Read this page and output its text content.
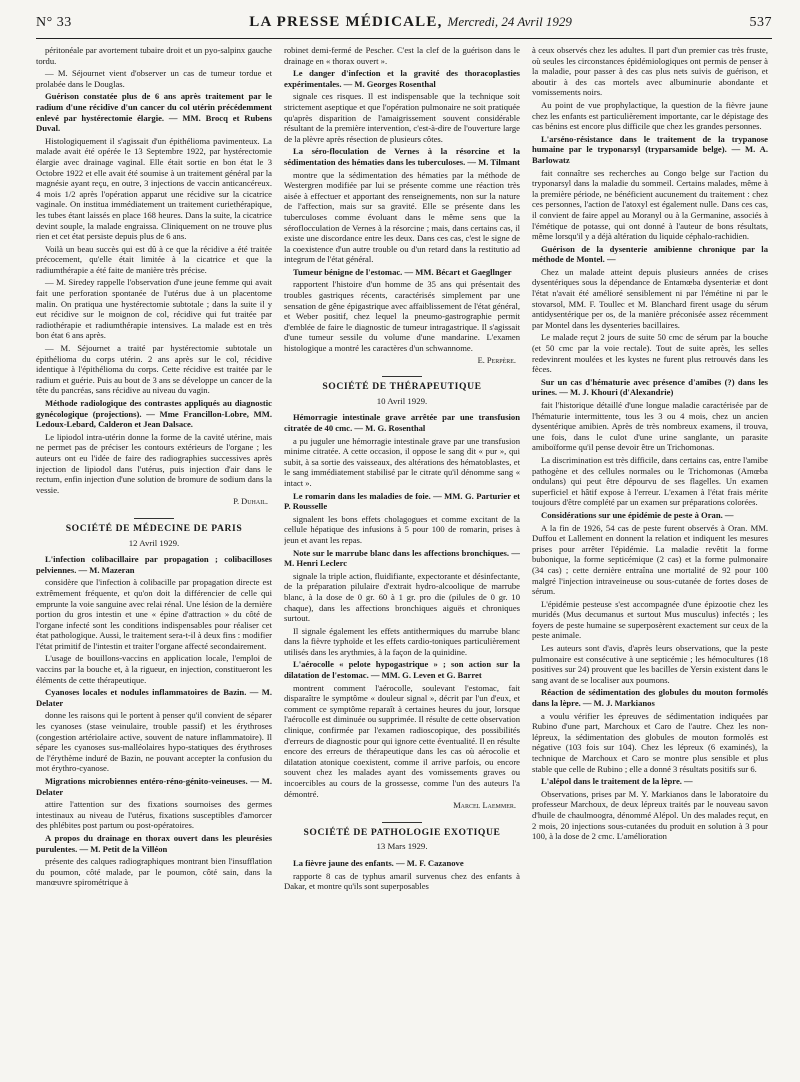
N° 33	LA PRESSE MÉDICALE, Mercredi, 24 Avril 1929	537

péritonéale par avortement tubaire droit et un pyo-salpinx gauche tordu.

— M. Séjournet vient d'observer un cas de tumeur tordue et prolabée dans le Douglas.

Guérison constatée plus de 6 ans après traitement par le radium d'une récidive d'un cancer du col utérin précédemment enlevé par hystérectomie élargie. — MM. Brocq et Rubens Duval.

Histologiquement il s'agissait d'un épithélioma pavimenteux. La malade avait été opérée le 13 Septembre 1922, par hystérectomie élargie avec drainage vaginal. Elle était sortie en bon état le 3 Octobre 1922 et elle avait été soumise à un traitement général par la magnésie ayant reçu, en outre, 3 injections de vaccin anticancéreux. 4 mois 1/2 après l'opération apparut une récidive sur la cicatrice vaginale. On institua immédiatement un traitement curiethérapique, les tubes étant laissés en place 168 heures. Dans la suite, la cicatrice devint souple, la malade engraissa. Cliniquement on ne trouve plus rien et cet état persiste depuis plus de 6 ans.

Voilà un beau succès qui est dû à ce que la récidive a été traitée précocement, qu'elle était limitée à la cicatrice et que la radiumthérapie a été faite de manière très précise.

— M. Siredey rappelle l'observation d'une jeune femme qui avait fait une perforation spontanée de l'utérus due à un placentome malin. On pratiqua une hystérectomie subtotale ; dans la suite il y eut récidive sur le moignon de col, récidive qui fut traitée par radiothérapie et radiumthérapie intensives. La malade est en très bon état 6 ans après.

— M. Séjournet a traité par hystérectomie subtotale un épithélioma du corps utérin. 2 ans après sur le col, récidive identique à l'épithélioma du corps. Cette récidive est traitée par le radium et guérie. Puis au bout de 3 ans se développe un cancer de la tête du pancréas, sans récidive au niveau du vagin.

Méthode radiologique des contrastes appliqués au diagnostic gynécologique (projections). — Mme Francillon-Lobre, MM. Ledoux-Lebard, Calderon et Jean Dalsace.

Le lipiodol intra-utérin donne la forme de la cavité utérine, mais ne permet pas de préciser les contours extérieurs de l'organe ; les auteurs ont eu l'idée de faire des radiographies successives après injection de lipiodol dans l'utérus, puis injection d'air dans le rectum, enfin injection d'une solution de bromure de sodium dans la vessie.

P. Duhail.
SOCIÉTÉ DE MÉDECINE DE PARIS
12 Avril 1929.

L'infection colibacillaire par propagation ; colibacilloses pelviennes. — M. Mazeran

considère que l'infection à colibacille par propagation directe est extrêmement fréquente, et qu'on doit la différencier de celle qui emprunte la voie sanguine avec relai rénal. Une lésion de la dernière portion du gros intestin et une « épine d'attraction » du côté de l'organe infecté sont les conditions indispensables pour réaliser cet état pathologique. Aussi, le traitement sera-t-il à deux fins : modifier l'état primitif de l'intestin et traiter l'organe affecté secondairement.

L'usage de bouillons-vaccins en application locale, l'emploi de vaccins par la bouche et, à la rigueur, en injection, constitueront les éléments de cette thérapeutique.

Cyanoses locales et nodules inflammatoires de Bazin. — M. Delater

donne les raisons qui le portent à penser qu'il convient de séparer les cyanoses (stase veinulaire, trouble passif) et les érythroses (congestion artériolaire active, souvent de nature inflammatoire). Il sépare les cyanoses sus-malléolaires hypo-statiques des érythroses de l'érythème induré de Bazin, ne pouvant accepter la confusion du mot érythro-cyanose.

Migrations microbiennes entéro-réno-génito-veineuses. — M. Delater

attire l'attention sur des fixations sournoises des germes intestinaux au niveau de l'utérus, fixations susceptibles d'amorcer des phlébites post partum ou post-opératoires.

A propos du drainage en thorax ouvert dans les pleurésies purulentes. — M. Petit de la Villéon

présente des calques radiographiques montrant bien l'insufflation du poumon, côté malade, par le poumon, côté sain, dans la manœuvre spirométrique à

robinet demi-fermé de Pescher. C'est la clef de la guérison dans le drainage en « thorax ouvert ».

Le danger d'infection et la gravité des thoracoplasties expérimentales. — M. Georges Rosenthal

signale ces risques. Il est indispensable que la technique soit strictement aseptique et que l'opération pulmonaire ne soit pratiquée qu'après disparition de l'amaigrissement souvent considérable résultant de la première intervention, c'est-à-dire de l'ouverture large de la plèvre après résection de plusieurs côtes.

La séro-floculation de Vernes à la résorcine et la sédimentation des hématies dans les tuberculoses. — M. Tilmant

montre que la sédimentation des hématies par la méthode de Westergren modifiée par lui se présente comme une réaction très aisée à effectuer et apportant des renseignements, non sur la nature de l'affection, mais sur sa gravité. Elle se présente dans les tuberculoses comme évoluant dans le même sens que la séroflocculation de Vernes à la résorcine ; mais, dans certains cas, il existe une discordance entre les deux. Dans ces cas, c'est le signe de la coexistence d'un autre trouble ou d'un retard dans la restitutio ad integrum de l'état général.

Tumeur bénigne de l'estomac. — MM. Bécart et Gaegllnger

rapportent l'histoire d'un homme de 35 ans qui présentait des troubles gastriques récents, caractérisés simplement par une sensation de gêne épigastrique avec affaiblissement de l'état général, et Weber positif, chez lequel la pneumo-gastrographie permit d'emblée de faire le diagnostic de tumeur intragastrique. Il s'agissait d'une tumeur sessile du volume d'une mandarine. L'examen histologique a montré les caractères d'un schwannome.

E. Perpère.
SOCIÉTÉ DE THÉRAPEUTIQUE
10 Avril 1929.

Hémorragie intestinale grave arrêtée par une transfusion citratée de 40 cmc. — M. G. Rosenthal

a pu juguler une hémorragie intestinale grave par une transfusion minime citratée. A cette occasion, il oppose le sang dit « pur », qui subit, à sa sortie des vaisseaux, des altérations des hématoblastes, et le sang immédiatement stabilisé par le citrate qu'il dénomme sang « intact ».

Le romarin dans les maladies de foie. — MM. G. Parturier et P. Rousselle

signalent les bons effets cholagogues et comme excitant de la cellule hépatique des infusions à 5 pour 100 de romarin, prises à jeun et avant les repas.

Note sur le marrube blanc dans les affections bronchiques. — M. Henri Leclerc

signale la triple action, fluidifiante, expectorante et désinfectante, de la préparation pilulaire d'extrait hydro-alcoolique de marrube blanc, à la dose de 0 gr. 60 à 1 gr. pro die (pilules de 0 gr. 10 chaque), dans les affections bronchiques aiguës et chroniques surtout.

Il signale également les effets antithermiques du marrube blanc dans la fièvre typhoïde et les effets cardio-toniques particulièrement utilisés dans les arythmies, à la façon de la quinidine.

L'aérocolle « pelote hypogastrique » ; son action sur la dilatation de l'estomac. — MM. G. Leven et G. Barret

montrent comment l'aérocolle, soulevant l'estomac, fait disparaître le symptôme « douleur signal », décrit par l'un d'eux, et comment ce symptôme reparaît à certaines heures du jour, lorsque l'aérocolle est diminuée ou supprimée. Il résulte de cette observation clinique, confirmée par l'examen radioscopique, des possibilités d'erreurs de diagnostic pour qui ignore cette éventualité. Il en résulte encore des erreurs de thérapeutique dans les cas où aérocolie et dilatation atonique coexistent, comme il arrive parfois, ou encore souvent chez les malades ayant des vomissements graves ou incoercibles au cours de la grossesse, comme l'un des auteurs l'a démontré.

Marcel Laemmer.
SOCIÉTÉ DE PATHOLOGIE EXOTIQUE
13 Mars 1929.

La fièvre jaune des enfants. — M. F. Cazanove

rapporte 8 cas de typhus amaril survenus chez des enfants à Dakar, et montre qu'ils sont superposables

à ceux observés chez les adultes. Il part d'un premier cas très fruste, où seules les circonstances épidémiologiques ont permis de penser à la maladie, pour passer à des cas plus nets suivis de guérison, et aboutir à des cas mortels avec albuminurie abondante et vomissements noirs.

Au point de vue prophylactique, la question de la fièvre jaune chez les enfants est particulièrement importante, car le dépistage des cas bénins est encore plus difficile que chez les grandes personnes.

L'arséno-résistance dans le traitement de la trypanose humaine par le tryponarsyl (tryparsamide belge). — M. A. Barlowatz

fait connaître ses recherches au Congo belge sur l'action du tryponarsyl dans la maladie du sommeil. Certains malades, même à la première période, ne bénéficient aucunement du traitement : chez ces personnes, l'action de l'atoxyl est également nulle. Dans ces cas, il convient de faire appel au Moranyl ou à la Germanine, associés à l'émétique de potasse, qui ont donné à l'auteur de bons résultats, même lorsqu'il y a déjà altération du liquide céphalo-rachidien.

Guérison de la dysenterie amibienne chronique par la méthode de Montel. —

Chez un malade atteint depuis plusieurs années de crises dysentériques sous la dépendance de Entamœba dysenteriæ et dont l'état n'avait été amélioré sensiblement ni par l'émétine ni par le stovarsol, MM. F. Toullec et M. Blanchard firent usage du sérum antidysentérique per os, de la manière préconisée assez récemment par Montel dans les dysenteries bacillaires.

Le malade reçut 2 jours de suite 50 cmc de sérum par la bouche (et 50 cmc par la voie rectale). Tout de suite après, les selles redevinrent moulées et les kystes ne furent plus retrouvés dans les fèces.

Sur un cas d'hématurie avec présence d'amibes (?) dans les urines. — M. J. Khouri (d'Alexandrie)

fait l'historique détaillé d'une longue maladie caractérisée par de l'hématurie intermittente, tous les 3 ou 4 mois, chez un ancien dysentérique amibien. Après de très nombreux examens, il trouva, une fois, dans le culot d'une urine sanglante, un parasite amiboïforme qu'il pense devoir être un Trichomonas.

La discrimination est très difficile, dans certains cas, entre l'amibe pathogène et des cellules normales ou le Trichomonas (Amœba ondulans) qui peut être dépourvu de ses flagelles. Un examen superficiel et hâtif expose à l'erreur. L'examen à l'état frais mérite toujours d'être complété par un examen sur préparations colorées.

Considérations sur une épidémie de peste à Oran. —

A la fin de 1926, 54 cas de peste furent observés à Oran. MM. Duffou et Lallement en donnent la relation et indiquent les mesures prises pour arrêter l'épidémie. La maladie revêtit la forme bubonique, la forme septicémique (2 cas) et la forme pulmonaire (34 cas) ; cette dernière entraîna une mortalité de 92 pour 100 malgré l'injection intraveineuse ou sous-cutanée de fortes doses de sérum.

L'épidémie pesteuse s'est accompagnée d'une épizootie chez les muridés (Mus decumanus et surtout Mus musculus) infectés ; les foyers de peste humaine se superposèrent exactement sur ceux de la peste animale.

Les auteurs sont d'avis, d'après leurs observations, que la peste pulmonaire est consécutive à une septicémie ; les hémocultures (18 positives sur 24) prouvent que les bacilles de Yersin existent dans le sang avant de se localiser aux poumons.

Réaction de sédimentation des globules du mouton formolés dans la lèpre. — M. J. Markianos

a voulu vérifier les épreuves de sédimentation indiquées par Rubino d'une part, Marchoux et Caro de l'autre. Chez les non-lépreux, la sédimentation des globules de mouton formolés est négative (103 fois sur 104). Chez les lépreux (6 examinés), la technique de Marchoux et Caro se montre plus sensible et plus stable que celle de Rubino ; elle a donné 3 résultats positifs sur 6.

L'alépol dans le traitement de la lèpre. —

Observations, prises par M. Y. Markianos dans le laboratoire du professeur Marchoux, de deux lépreux traités par le nouveau savon d'huile de chaulmoogra, dénommé Alépol. Un des malades reçut, en 2 mois, 20 injections sous-cutanées du produit en solution à 3 pour 100, à la dose de 2 cmc. L'amélioration
